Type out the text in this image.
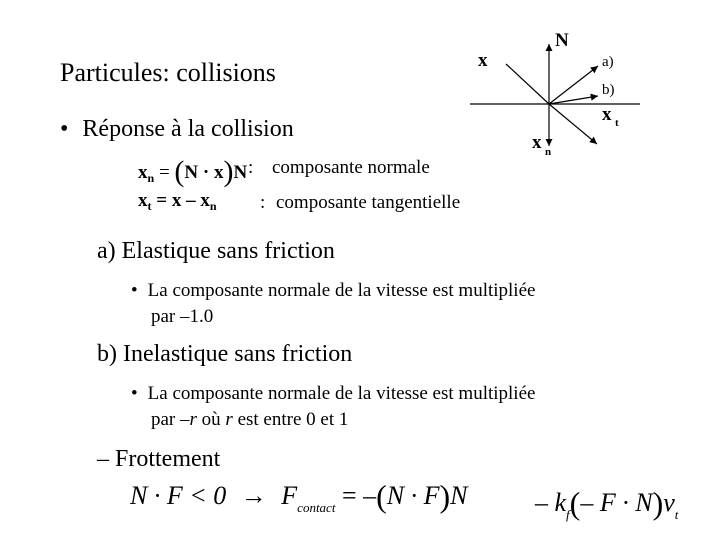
Particules: collisions
• Réponse à la collision
N
x	a)
b)
x t
x n
$x_n = (N \cdot x)N$ : composante normale
$x_t = x - x_n$ : composante tangentielle
a) Elastique sans friction
• La composante normale de la vitesse est multipliée
par –1.0
b) Inelastique sans friction
• La composante normale de la vitesse est multipliée
par –r où r est entre 0 et 1
– Frottement
$N \cdot F < 0 \to F_{contact} = -(N \cdot F)N$	– $k_f(-$ $F \cdot N)v_t$
